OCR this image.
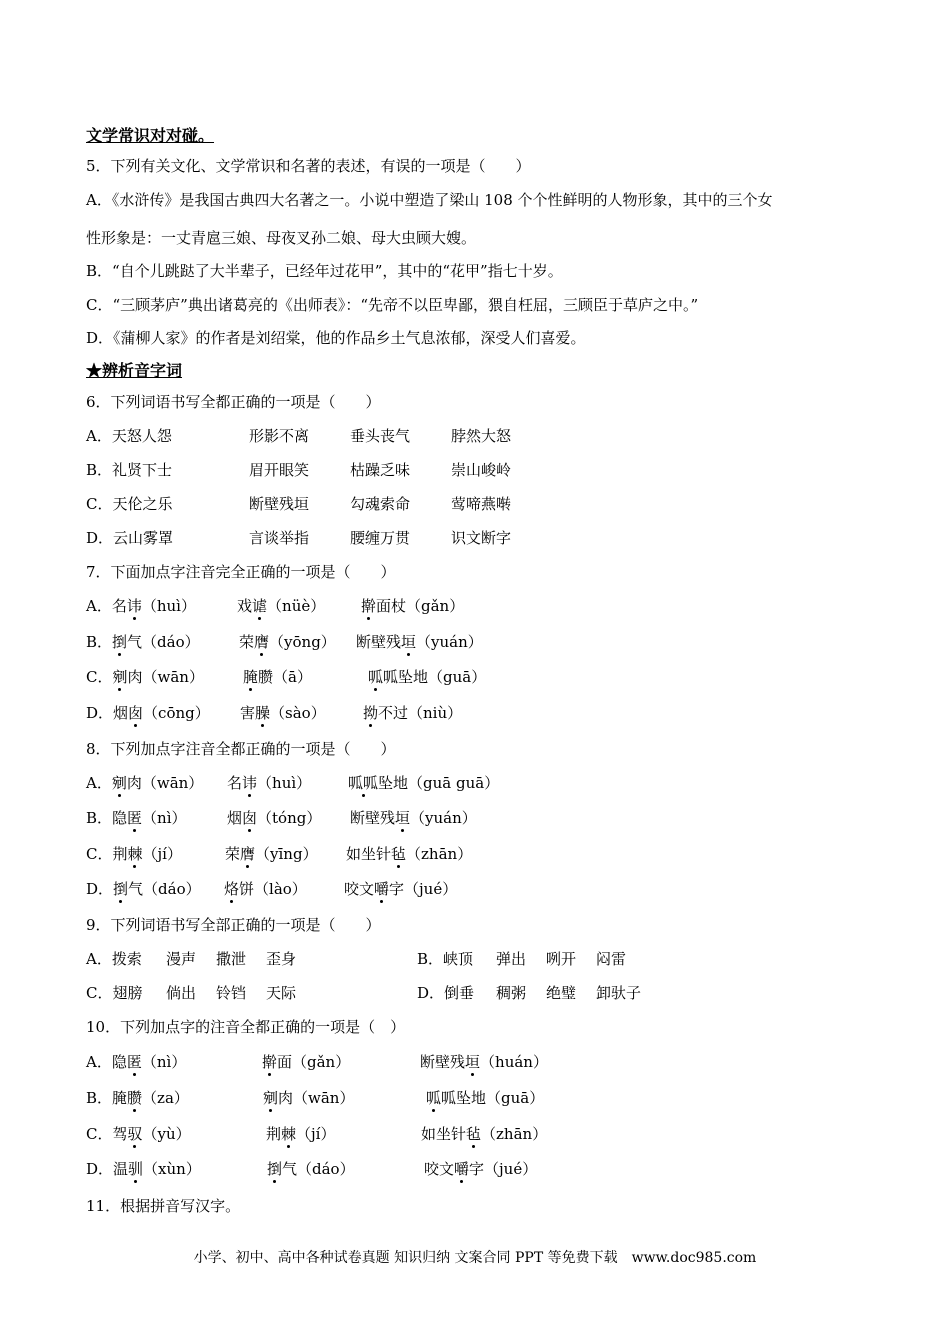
文学常识对对碰。
5．下列有关文化、文学常识和名著的表述，有误的一项是（　　）
A．《水浒传》是我国古典四大名著之一。小说中塑造了梁山 108 个个性鲜明的人物形象，其中的三个女
性形象是：一丈青扈三娘、母夜叉孙二娘、母大虫顾大嫂。
B．“自个儿跳跶了大半辈子，已经年过花甲”，其中的“花甲”指七十岁。
C．“三顾茅庐”典出诸葛亮的《出师表》：“先帝不以臣卑鄙，猥自枉屈，三顾臣于草庐之中。”
D．《蒲柳人家》的作者是刘绍棠，他的作品乡土气息浓郁，深受人们喜爱。
★辨析音字词
6．下列词语书写全都正确的一项是（　　）
A．天怒人怨	形影不离	垂头丧气	脖然大怒
B．礼贤下士	眉开眼笑	枯躁乏味	崇山峻岭
C．天伦之乐	断壁残垣	勾魂索命	莺啼燕啭
D．云山雾罩	言谈举指	腰缠万贯	识文断字
7．下面加点字注音完全正确的一项是（　　）
A．名讳（huì）	戏谑（nüè） 擀面杖（gǎn）
B．捯气（dáo）	荣膺（yōng） 断壁残垣（yuán）
C．剜肉（wān）	腌臜（ā）	呱呱坠地（guā）
D．烟囱（cōng） 害臊（sào） 拗不过（niù）
8．下列加点字注音全都正确的一项是（　　）
A．剜肉（wān） 名讳（huì） 呱呱坠地（guā guā）
B．隐匿（nì）	烟囱（tóng） 断壁残垣（yuán）
C．荆棘（jí）	荣膺（yīng） 如坐针毡（zhān）
D．捯气（dáo） 烙饼（lào） 咬文嚼字（jué）
9．下列词语书写全部正确的一项是（　　）
A．拨索 漫声 撒泄 歪身	B．峡顶 弹出 咧开 闷雷
C．翅膀 倘出 铃铛 天际	D．倒垂 稠粥 绝璧 卸驮子
10．下列加点字的注音全都正确的一项是（　）
A．隐匿（nì）	擀面（gǎn）	断壁残垣（huán）
B．腌臜（za）	剜肉（wān）	呱呱坠地（guā）
C．驾驭（yù）	荆棘（jí）	如坐针毡（zhān）
D．温驯（xùn）	捯气（dáo）	咬文嚼字（jué）
11．根据拼音写汉字。
小学、初中、高中各种试卷真题 知识归纳 文案合同 PPT 等免费下载　www.doc985.com
